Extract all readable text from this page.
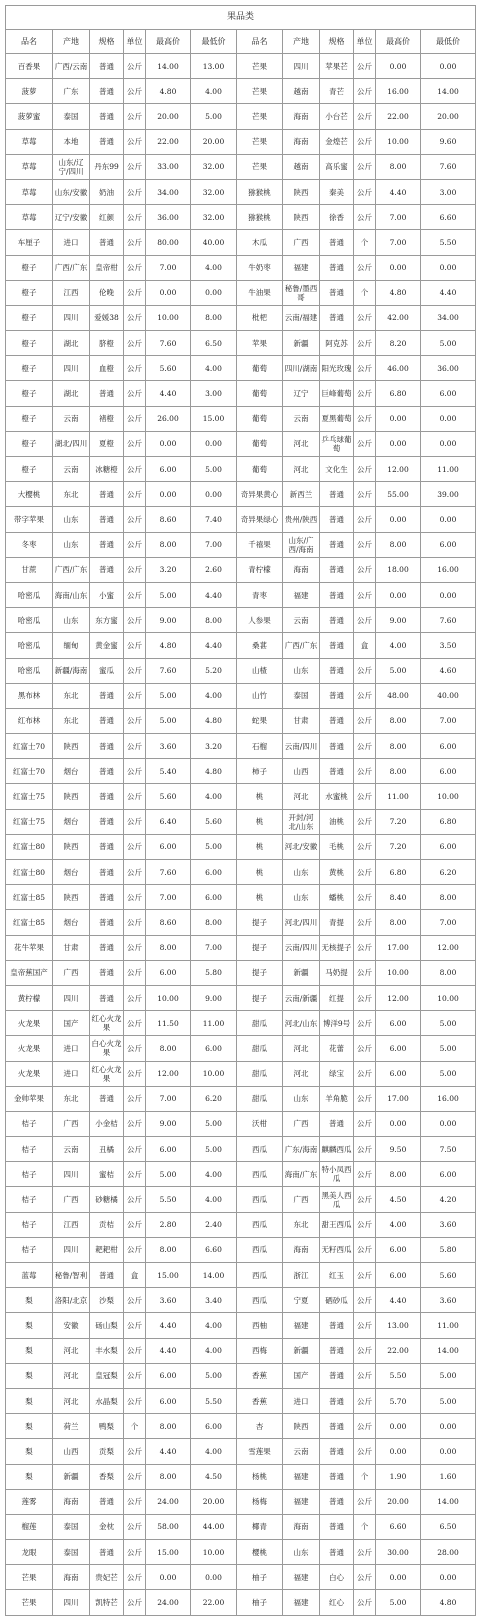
果品类											
品名	产地	规格	单位	最高价	最低价	品名	产地	规格	单位	最高价	最低价
百香果	广西/云南	普通	公斤	14.00	13.00	芒果	四川	苹果芒	公斤	0.00	0.00
菠萝	广东	普通	公斤	4.80	4.00	芒果	越南	青芒	公斤	16.00	14.00
菠萝蜜	泰国	普通	公斤	20.00	5.00	芒果	海南	小台芒	公斤	22.00	20.00
草莓	本地	普通	公斤	22.00	20.00	芒果	海南	金煌芒	公斤	10.00	9.60
草莓	山东/辽宁/四川	丹东99	公斤	33.00	32.00	芒果	越南	高乐蜜	公斤	8.00	7.60
草莓	山东/安徽	奶油	公斤	34.00	32.00	猕猴桃	陕西	秦美	公斤	4.40	3.00
草莓	辽宁/安徽	红颜	公斤	36.00	32.00	猕猴桃	陕西	徐香	公斤	7.00	6.60
车厘子	进口	普通	公斤	80.00	40.00	木瓜	广西	普通	个	7.00	5.50
橙子	广西/广东	皇帝柑	公斤	7.00	4.00	牛奶枣	福建	普通	公斤	0.00	0.00
橙子	江西	伦晚	公斤	0.00	0.00	牛油果	秘鲁/墨西哥	普通	个	4.80	4.40
橙子	四川	爱媛38	公斤	10.00	8.00	枇杷	云南/福建	普通	公斤	42.00	34.00
橙子	湖北	脐橙	公斤	7.60	6.50	苹果	新疆	阿克苏	公斤	8.20	5.00
橙子	四川	血橙	公斤	5.60	4.00	葡萄	四川/湖南	阳光玫瑰	公斤	46.00	36.00
橙子	湖北	普通	公斤	4.40	3.00	葡萄	辽宁	巨峰葡萄	公斤	6.80	6.00
橙子	云南	褚橙	公斤	26.00	15.00	葡萄	云南	夏黑葡萄	公斤	0.00	0.00
橙子	湖北/四川	夏橙	公斤	0.00	0.00	葡萄	河北	乒乓球葡萄	公斤	0.00	0.00
橙子	云南	冰糖橙	公斤	6.00	5.00	葡萄	河北	文化生	公斤	12.00	11.00
大樱桃	东北	普通	公斤	0.00	0.00	奇异果黄心	新西兰	普通	公斤	55.00	39.00
带字苹果	山东	普通	公斤	8.60	7.40	奇异果绿心	贵州/陕西	普通	公斤	0.00	0.00
冬枣	山东	普通	公斤	8.00	7.00	千禧果	山东/广西/海南	普通	公斤	8.00	6.00
甘蔗	广西/广东	普通	公斤	3.20	2.60	青柠檬	海南	普通	公斤	18.00	16.00
哈密瓜	海南/山东	小蜜	公斤	5.00	4.40	青枣	福建	普通	公斤	0.00	0.00
哈密瓜	山东	东方蜜	公斤	9.00	8.00	人参果	云南	普通	公斤	9.00	7.60
哈密瓜	缅甸	黄金蜜	公斤	4.80	4.40	桑葚	广西/广东	普通	盒	4.00	3.50
哈密瓜	新疆/海南	蜜瓜	公斤	7.60	5.20	山楂	山东	普通	公斤	5.00	4.60
黑布林	东北	普通	公斤	5.00	4.00	山竹	泰国	普通	公斤	48.00	40.00
红布林	东北	普通	公斤	5.00	4.80	蛇果	甘肃	普通	公斤	8.00	7.00
红富士70	陕西	普通	公斤	3.60	3.20	石榴	云南/四川	普通	公斤	8.00	6.00
红富士70	烟台	普通	公斤	5.40	4.80	柿子	山西	普通	公斤	8.00	6.00
红富士75	陕西	普通	公斤	5.60	4.00	桃	河北	水蜜桃	公斤	11.00	10.00
红富士75	烟台	普通	公斤	6.40	5.60	桃	开封/河北/山东	油桃	公斤	7.20	6.80
红富士80	陕西	普通	公斤	6.00	5.00	桃	河北/安徽	毛桃	公斤	7.20	6.00
红富士80	烟台	普通	公斤	7.60	6.00	桃	山东	黄桃	公斤	6.80	6.20
红富士85	陕西	普通	公斤	7.00	6.00	桃	山东	蟠桃	公斤	8.40	8.00
红富士85	烟台	普通	公斤	8.60	8.00	提子	河北/四川	青提	公斤	8.00	7.00
花牛苹果	甘肃	普通	公斤	8.00	7.00	提子	云南/四川	无核提子	公斤	17.00	12.00
皇帝蕉国产	广西	普通	公斤	6.00	5.80	提子	新疆	马奶提	公斤	10.00	8.00
黄柠檬	四川	普通	公斤	10.00	9.00	提子	云南/新疆	红提	公斤	12.00	10.00
火龙果	国产	红心火龙果	公斤	11.50	11.00	甜瓜	河北/山东	博洋9号	公斤	6.00	5.00
火龙果	进口	白心火龙果	公斤	8.00	6.00	甜瓜	河北	花蕾	公斤	6.00	5.00
火龙果	进口	红心火龙果	公斤	12.00	10.00	甜瓜	河北	绿宝	公斤	6.00	5.00
金帅苹果	东北	普通	公斤	7.00	6.20	甜瓜	山东	羊角脆	公斤	17.00	16.00
桔子	广西	小金桔	公斤	9.00	5.00	沃柑	广西	普通	公斤	0.00	0.00
桔子	云南	丑橘	公斤	6.00	5.00	西瓜	广东/海南	麒麟西瓜	公斤	9.50	7.50
桔子	四川	蜜桔	公斤	5.00	4.00	西瓜	海南/广东	特小凤西瓜	公斤	8.00	6.00
桔子	广西	砂糖橘	公斤	5.50	4.00	西瓜	广西	黑美人西瓜	公斤	4.50	4.20
桔子	江西	贡桔	公斤	2.80	2.40	西瓜	东北	甜王西瓜	公斤	4.00	3.60
桔子	四川	耙耙柑	公斤	8.00	6.60	西瓜	海南	无籽西瓜	公斤	6.00	5.80
蓝莓	秘鲁/智利	普通	盒	15.00	14.00	西瓜	浙江	红玉	公斤	6.00	5.60
梨	洛阳/北京	沙梨	公斤	3.60	3.40	西瓜	宁夏	硒砂瓜	公斤	4.40	3.60
梨	安徽	砀山梨	公斤	4.40	4.00	西柚	福建	普通	公斤	13.00	11.00
梨	河北	丰水梨	公斤	4.40	4.00	西梅	新疆	普通	公斤	22.00	14.00
梨	河北	皇冠梨	公斤	6.00	5.00	香蕉	国产	普通	公斤	5.50	5.00
梨	河北	水晶梨	公斤	6.00	5.50	香蕉	进口	普通	公斤	5.70	5.00
梨	荷兰	鸭梨	个	8.00	6.00	杏	陕西	普通	公斤	0.00	0.00
梨	山西	贡梨	公斤	4.40	4.00	雪莲果	云南	普通	公斤	0.00	0.00
梨	新疆	香梨	公斤	8.00	4.50	杨桃	福建	普通	个	1.90	1.60
莲雾	海南	普通	公斤	24.00	20.00	杨梅	福建	普通	公斤	20.00	14.00
榴莲	泰国	金枕	公斤	58.00	44.00	椰青	海南	普通	个	6.60	6.50
龙眼	泰国	普通	公斤	15.00	10.00	樱桃	山东	普通	公斤	30.00	28.00
芒果	海南	贵妃芒	公斤	0.00	0.00	柚子	福建	白心	公斤	0.00	0.00
芒果	四川	凯特芒	公斤	24.00	22.00	柚子	福建	红心	公斤	5.00	4.80
